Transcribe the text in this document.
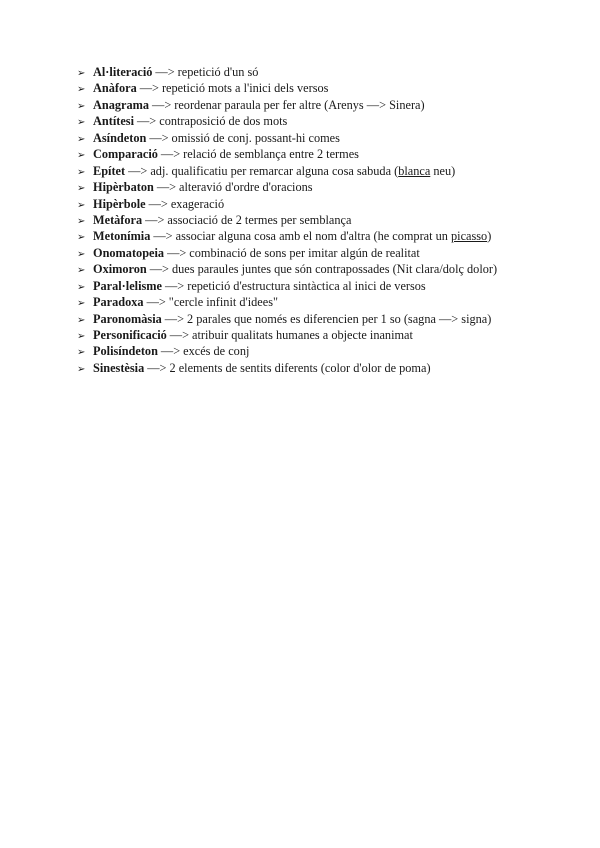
➢ Al·literació —> repetició d'un só
➢ Anàfora —> repetició mots a l'inici dels versos
➢ Anagrama —> reordenar paraula per fer altre (Arenys —> Sinera)
➢ Antítesi —> contraposició de dos mots
➢ Asíndeton —> omissió de conj. possant-hi comes
➢ Comparació —> relació de semblança entre 2 termes
➢ Epítet —> adj. qualificatiu per remarcar alguna cosa sabuda (blanca neu)
➢ Hipèrbaton —> alteravió d'ordre d'oracions
➢ Hipèrbole —> exageració
➢ Metàfora —> associació de 2 termes per semblança
➢ Metonímia —> associar alguna cosa amb el nom d'altra (he comprat un picasso)
➢ Onomatopeia —> combinació de sons per imitar algún de realitat
➢ Oximoron —> dues paraules juntes que són contrapossades (Nit clara/dolç dolor)
➢ Paral·lelisme —> repetició d'estructura sintàctica al inici de versos
➢ Paradoxa —> "cercle infinit d'idees"
➢ Paronomàsia —> 2 parales que només es diferencien per 1 so (sagna —> signa)
➢ Personificació —> atribuir qualitats humanes a objecte inanimat
➢ Polisíndeton —> excés de conj
➢ Sinestèsia —> 2 elements de sentits diferents (color d'olor de poma)
